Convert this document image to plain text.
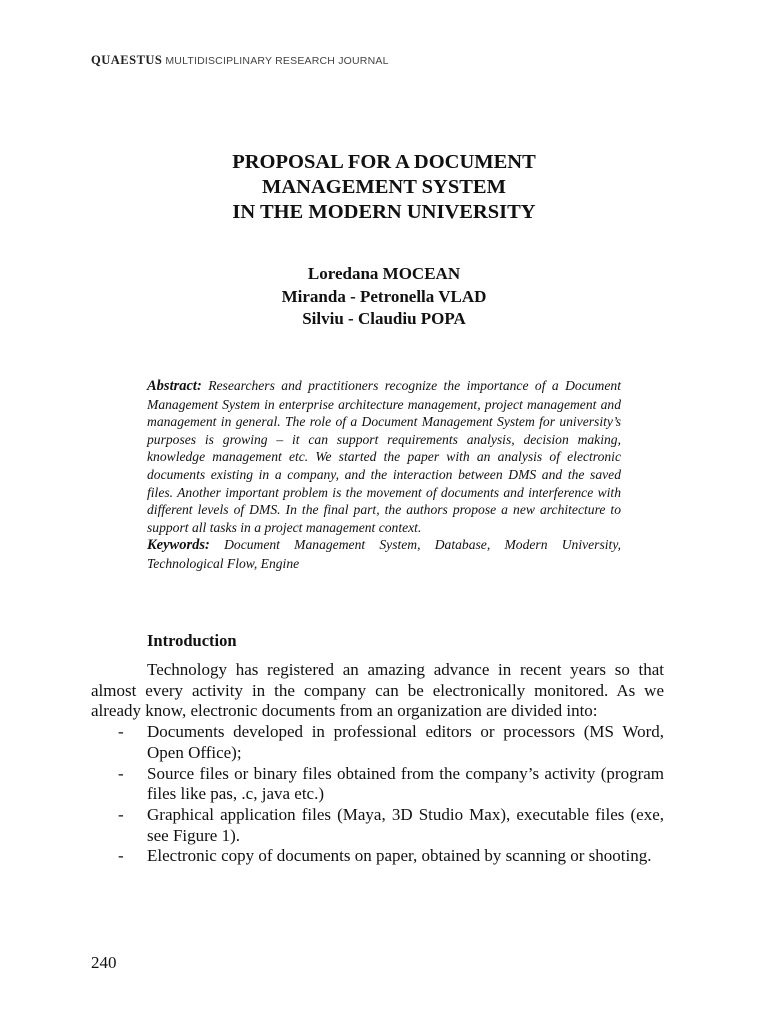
QUAESTUS MULTIDISCIPLINARY RESEARCH JOURNAL
PROPOSAL FOR A DOCUMENT
MANAGEMENT SYSTEM
IN THE MODERN UNIVERSITY
Loredana MOCEAN
Miranda - Petronella VLAD
Silviu - Claudiu POPA
Abstract: Researchers and practitioners recognize the importance of a Document Management System in enterprise architecture management, project management and management in general. The role of a Document Management System for university’s purposes is growing – it can support requirements analysis, decision making, knowledge management etc. We started the paper with an analysis of electronic documents existing in a company, and the interaction between DMS and the saved files. Another important problem is the movement of documents and interference with different levels of DMS. In the final part, the authors propose a new architecture to support all tasks in a project management context.
Keywords: Document Management System, Database, Modern University, Technological Flow, Engine
Introduction

Technology has registered an amazing advance in recent years so that almost every activity in the company can be electronically monitored. As we already know, electronic documents from an organization are divided into:

- Documents developed in professional editors or processors (MS Word, Open Office);
- Source files or binary files obtained from the company’s activity (program files like pas, .c, java etc.)
- Graphical application files (Maya, 3D Studio Max), executable files (exe, see Figure 1).
- Electronic copy of documents on paper, obtained by scanning or shooting.
240
